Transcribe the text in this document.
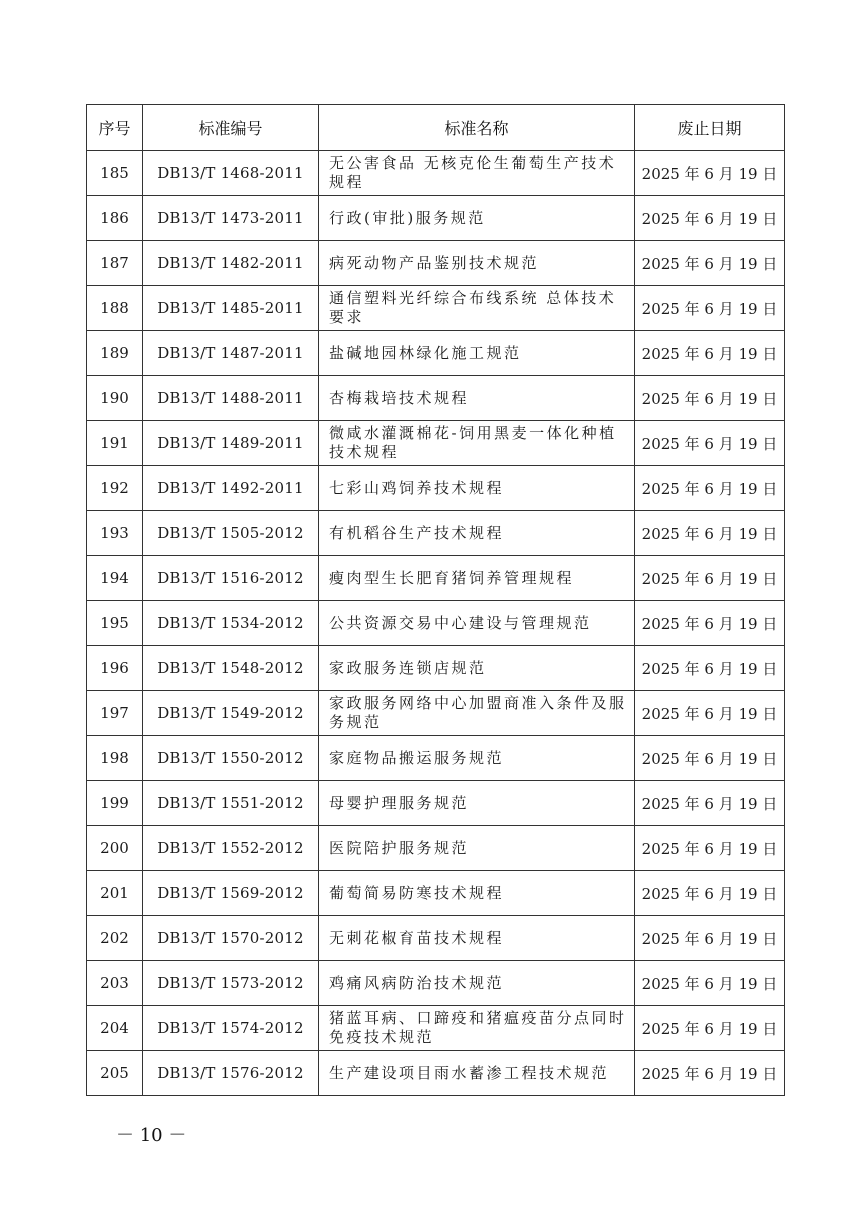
序号	标准编号	标准名称	废止日期
185	DB13/T 1468-2011	无公害食品 无核克伦生葡萄生产技术规程	2025 年 6 月 19 日
186	DB13/T 1473-2011	行政(审批)服务规范	2025 年 6 月 19 日
187	DB13/T 1482-2011	病死动物产品鉴别技术规范	2025 年 6 月 19 日
188	DB13/T 1485-2011	通信塑料光纤综合布线系统 总体技术要求	2025 年 6 月 19 日
189	DB13/T 1487-2011	盐碱地园林绿化施工规范	2025 年 6 月 19 日
190	DB13/T 1488-2011	杏梅栽培技术规程	2025 年 6 月 19 日
191	DB13/T 1489-2011	微咸水灌溉棉花-饲用黑麦一体化种植技术规程	2025 年 6 月 19 日
192	DB13/T 1492-2011	七彩山鸡饲养技术规程	2025 年 6 月 19 日
193	DB13/T 1505-2012	有机稻谷生产技术规程	2025 年 6 月 19 日
194	DB13/T 1516-2012	瘦肉型生长肥育猪饲养管理规程	2025 年 6 月 19 日
195	DB13/T 1534-2012	公共资源交易中心建设与管理规范	2025 年 6 月 19 日
196	DB13/T 1548-2012	家政服务连锁店规范	2025 年 6 月 19 日
197	DB13/T 1549-2012	家政服务网络中心加盟商准入条件及服务规范	2025 年 6 月 19 日
198	DB13/T 1550-2012	家庭物品搬运服务规范	2025 年 6 月 19 日
199	DB13/T 1551-2012	母婴护理服务规范	2025 年 6 月 19 日
200	DB13/T 1552-2012	医院陪护服务规范	2025 年 6 月 19 日
201	DB13/T 1569-2012	葡萄简易防寒技术规程	2025 年 6 月 19 日
202	DB13/T 1570-2012	无刺花椒育苗技术规程	2025 年 6 月 19 日
203	DB13/T 1573-2012	鸡痛风病防治技术规范	2025 年 6 月 19 日
204	DB13/T 1574-2012	猪蓝耳病、口蹄疫和猪瘟疫苗分点同时免疫技术规范	2025 年 6 月 19 日
205	DB13/T 1576-2012	生产建设项目雨水蓄渗工程技术规范	2025 年 6 月 19 日
－ 10 －
